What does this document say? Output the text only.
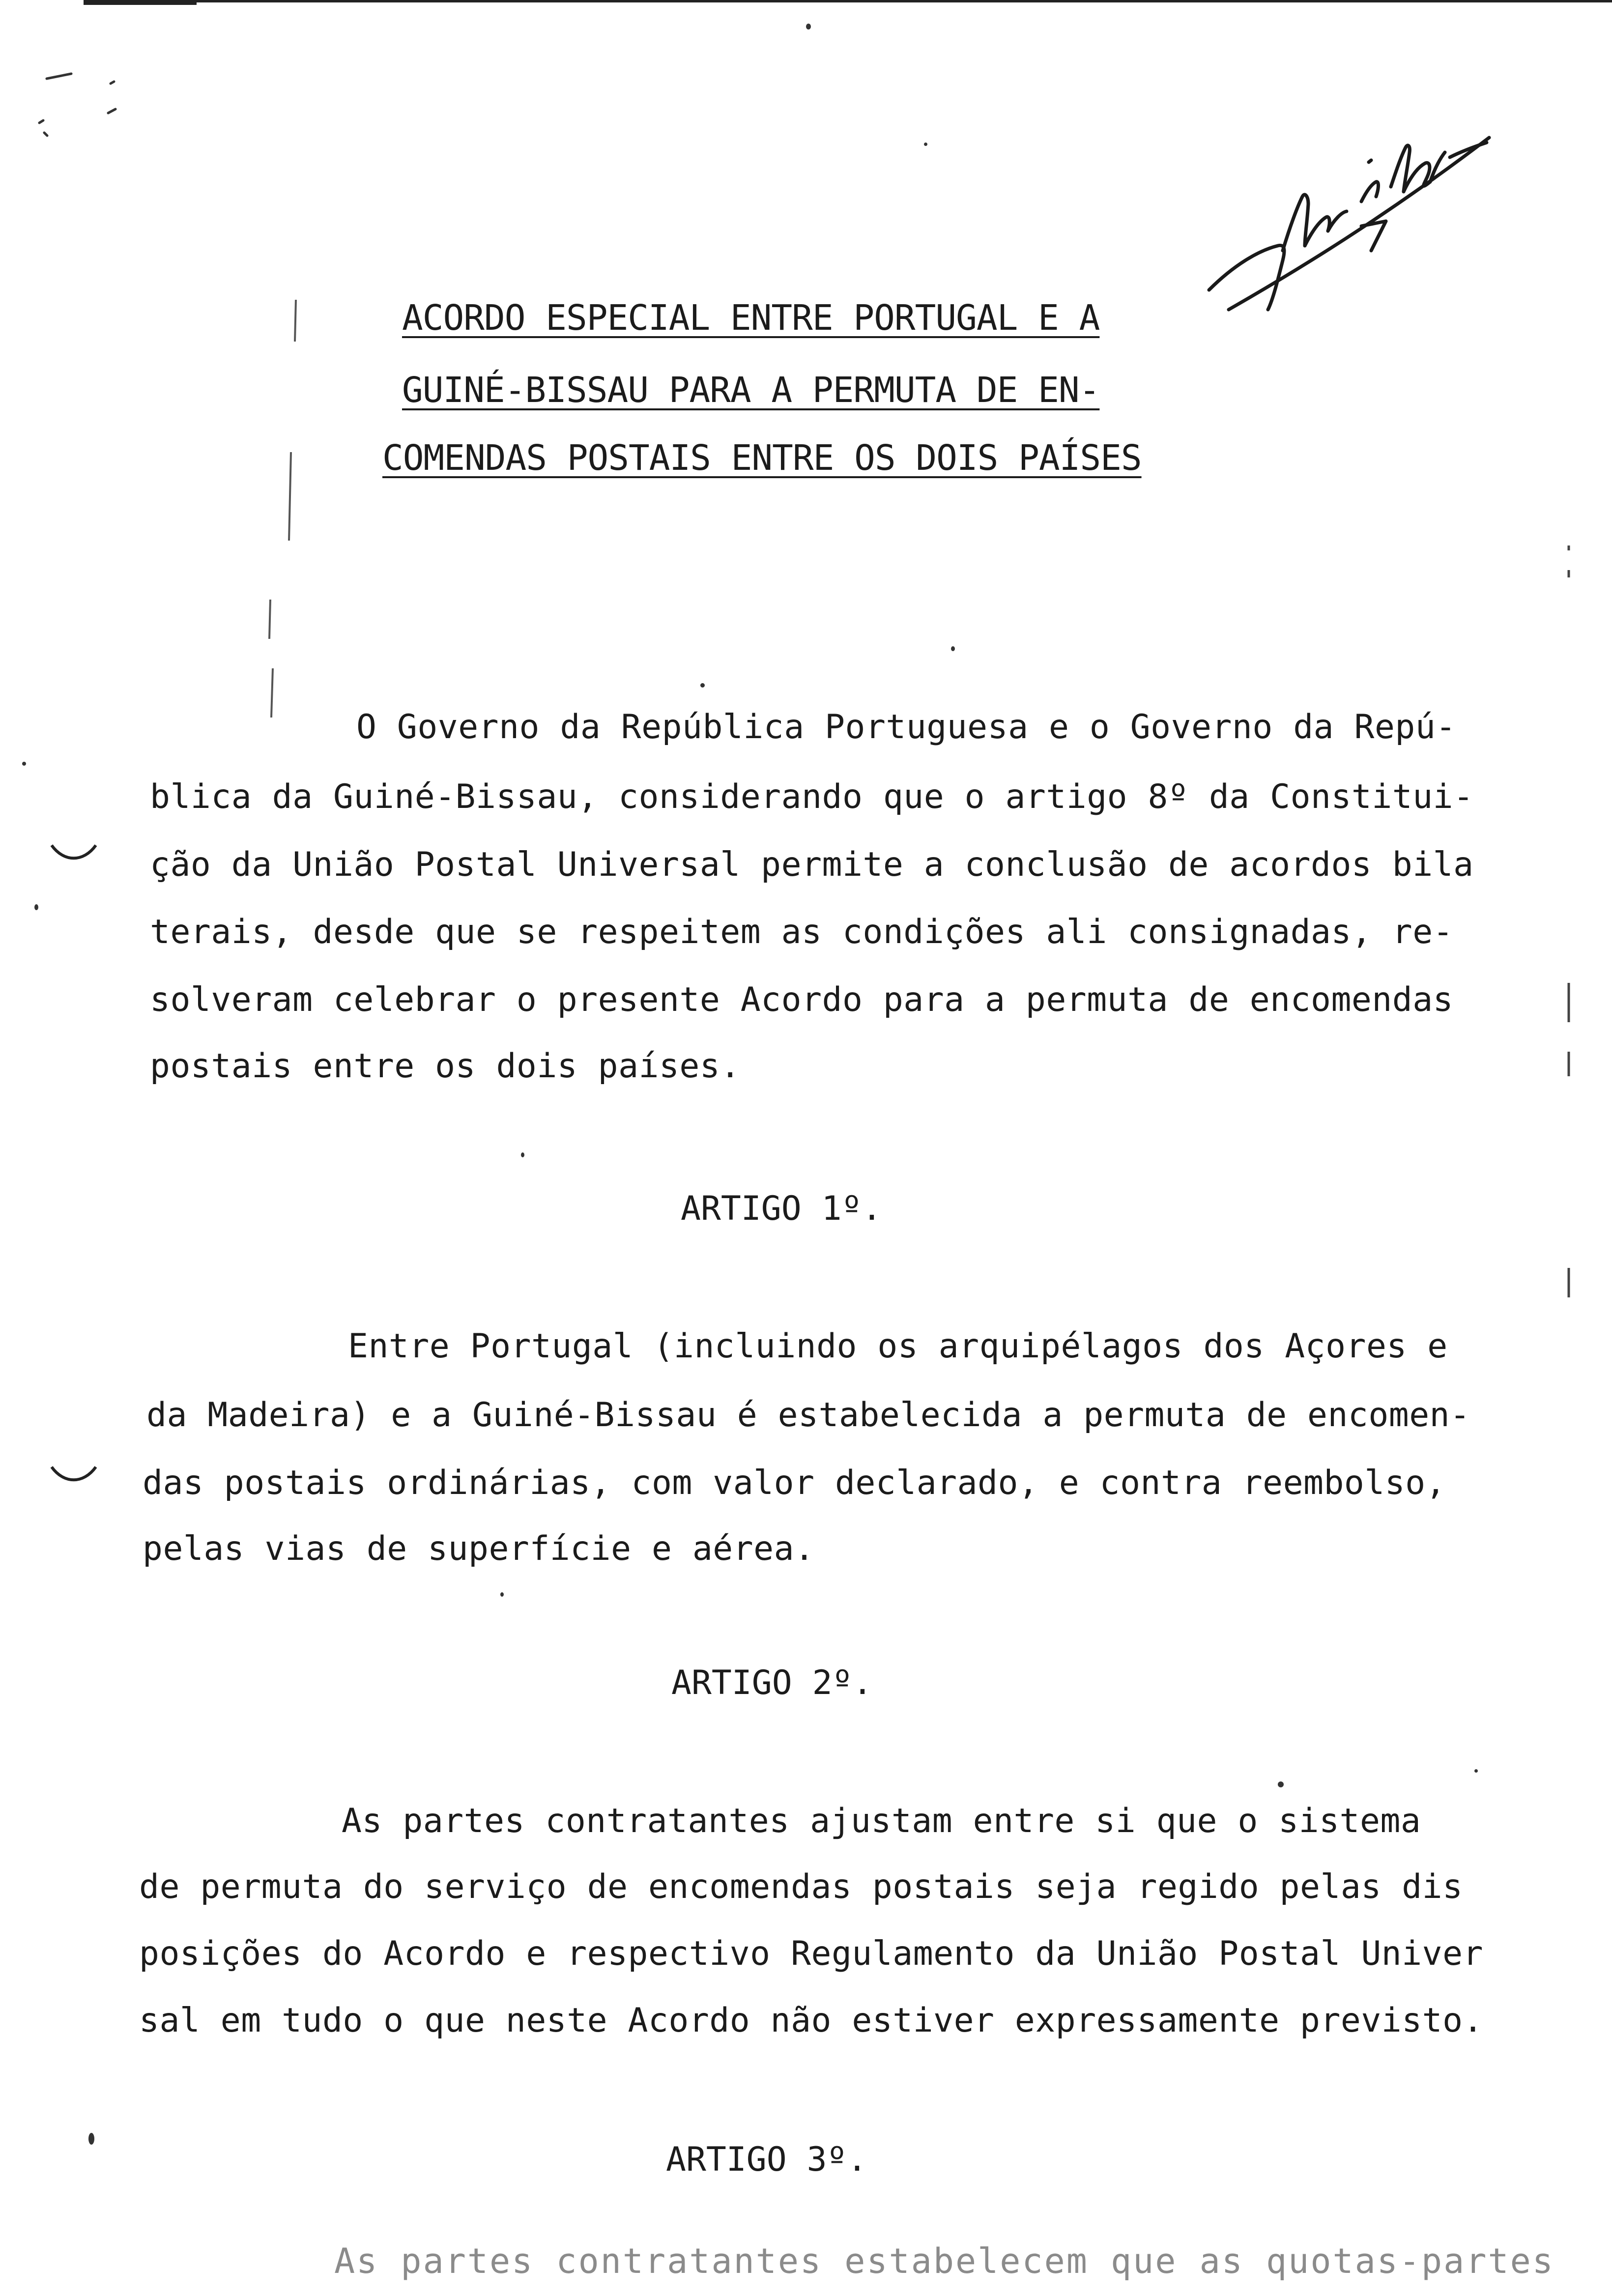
ACORDO ESPECIAL ENTRE PORTUGAL E A
GUINÉ-BISSAU PARA A PERMUTA DE EN-
COMENDAS POSTAIS ENTRE OS DOIS PAÍSES

O Governo da República Portuguesa e o Governo da Repú-

blica da Guiné-Bissau, considerando que o artigo 8º da Constitui-

ção da União Postal Universal permite a conclusão de acordos bila

terais, desde que se respeitem as condições ali consignadas, re-

solveram celebrar o presente Acordo para a permuta de encomendas

postais entre os dois países.

ARTIGO 1º.

Entre Portugal (incluindo os arquipélagos dos Açores e

da Madeira) e a Guiné-Bissau é estabelecida a permuta de encomen-

das postais ordinárias, com valor declarado, e contra reembolso,

pelas vias de superfície e aérea.

ARTIGO 2º.

As partes contratantes ajustam entre si que o sistema

de permuta do serviço de encomendas postais seja regido pelas dis

posições do Acordo e respectivo Regulamento da União Postal Univer

sal em tudo o que neste Acordo não estiver expressamente previsto.

ARTIGO 3º.

As partes contratantes estabelecem que as quotas-partes
